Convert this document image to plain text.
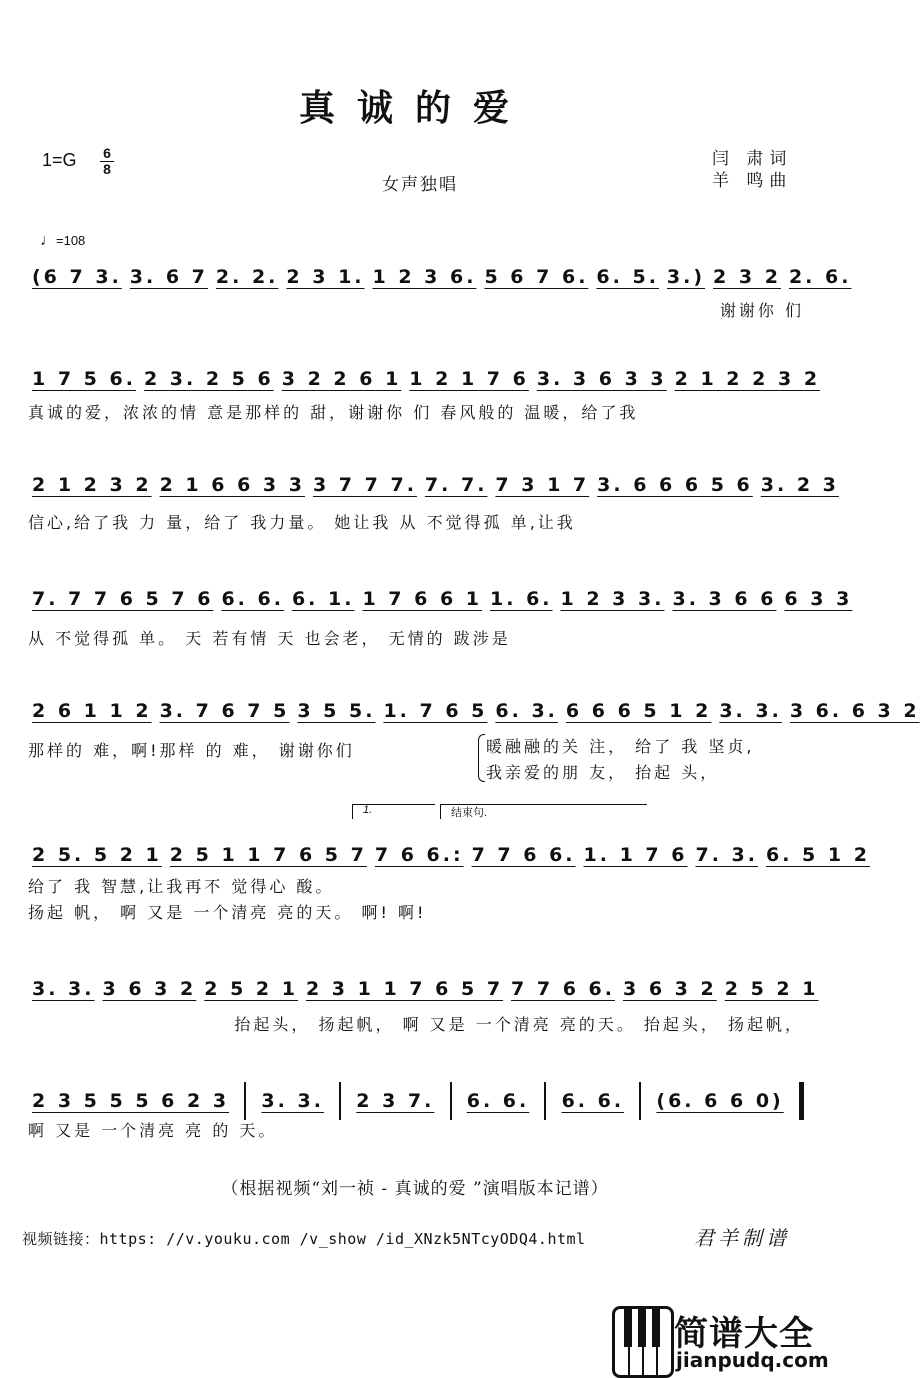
真诚的爱
1=G 6
8
女声独唱
闫 肃词
羊 鸣曲
♩=108
(6 7 3. 3. 6 7 2. 2. 2 3 1. 1 2 3 6. 5 6 7 6. 6. 5. 3.) 2 3 2 2. 6.
谢谢你 们
1 7 5 6. 2 3. 2 5 6 3 2 2 6 1 1 2 1 7 6 3. 3 6 3 3 2 1 2 2 3 2
真诚的爱，浓浓的情 意是那样的 甜，谢谢你 们 春风般的 温暖，给了我
2 1 2 3 2 2 1 6 6 3 3 3 7 7 7. 7. 7. 7 3 1 7 3. 6 6 6 5 6 3. 2 3
信心,给了我 力 量，给了 我力量。 她让我 从 不觉得孤 单,让我
7. 7 7 6 5 7 6 6. 6. 6. 1. 1 7 6 6 1 1. 6. 1 2 3 3. 3. 3 6 6 6 3 3
从 不觉得孤 单。 天 若有情 天 也会老， 无情的 跋涉是
2 6 1 1 2 3. 7 6 7 5 3 5 5. 1. 7 6 5 6. 3. 6 6 6 5 1 2 3. 3. 3 6. 6 3 2
那样的 难，啊!那样 的 难， 谢谢你们	暖融融的关 注， 给了 我 坚贞,
我亲爱的朋 友， 抬起 头，
1.	结束句.
2 5. 5 2 1 2 5 1 1 7 6 5 7 7 6 6.: 7 7 6 6. 1. 1 7 6 7. 3. 6. 5 1 2
给了 我 智慧,让我再不 觉得心 酸。
扬起 帆， 啊 又是 一个清亮 亮的天。 啊! 啊!
3. 3. 3 6 3 2 2 5 2 1 2 3 1 1 7 6 5 7 7 7 6 6. 3 6 3 2 2 5 2 1
抬起头， 扬起帆， 啊 又是 一个清亮 亮的天。 抬起头， 扬起帆，
2 3 5 5 5 6 2 3 3. 3. 2 3 7. 6. 6. 6. 6. (6. 6 6 0)
啊 又是 一个清亮 亮 的 天。
（根据视频“刘一祯 - 真诚的爱 ”演唱版本记谱）
视频链接：https: //v.youku.com /v_show /id_XNzk5NTcyODQ4.html	君羊制谱
简谱大全
jianpudq.com
